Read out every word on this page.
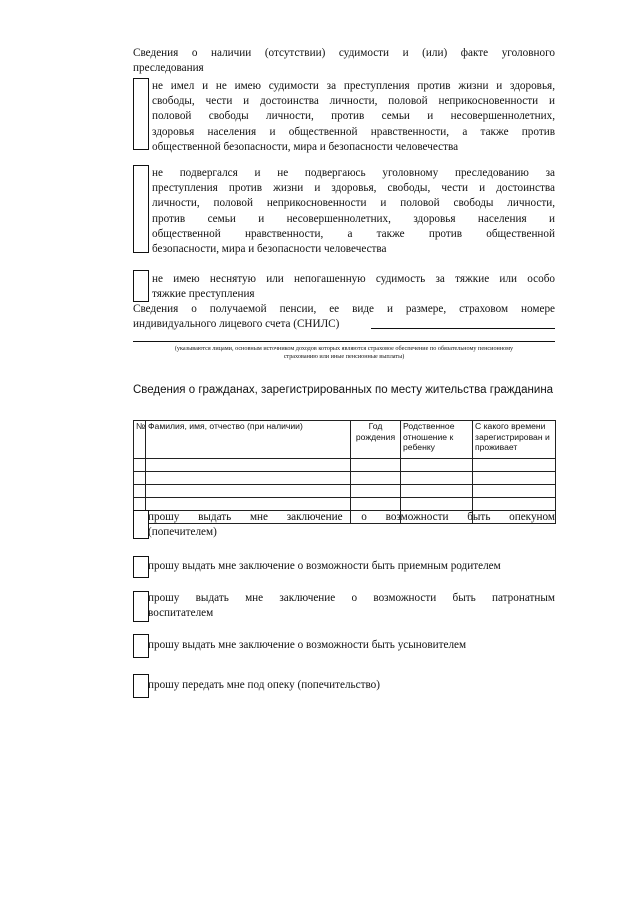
Сведения о наличии (отсутствии) судимости и (или) факте уголовного
преследования
не имел и не имею судимости за преступления против жизни и здоровья,
свободы, чести и достоинства личности, половой неприкосновенности и
половой свободы личности, против семьи и несовершеннолетних,
здоровья населения и общественной нравственности, а также против
общественной безопасности, мира и безопасности человечества
не подвергался и не подвергаюсь уголовному преследованию за
преступления против жизни и здоровья, свободы, чести и достоинства
личности, половой неприкосновенности и половой свободы личности,
против семьи и несовершеннолетних, здоровья населения и
общественной нравственности, а также против общественной
безопасности, мира и безопасности человечества
не имею неснятую или непогашенную судимость за тяжкие или особо
тяжкие преступления
Сведения о получаемой пенсии, ее виде и размере, страховом номере
индивидуального лицевого счета (СНИЛС)
(указываются лицами, основным источником доходов которых являются страховое обеспечение по обязательному пенсионному
страхованию или иные пенсионные выплаты)
Сведения о гражданах, зарегистрированных по месту жительства гражданина
№	Фамилия, имя, отчество (при наличии)	Год рождения	Родственное отношение к ребенку	С какого времени зарегистрирован и проживает

прошу выдать мне заключение о возможности быть опекуном
(попечителем)
прошу выдать мне заключение о возможности быть приемным родителем
прошу выдать мне заключение о возможности быть патронатным
воспитателем
прошу выдать мне заключение о возможности быть усыновителем
прошу передать мне под опеку (попечительство)
